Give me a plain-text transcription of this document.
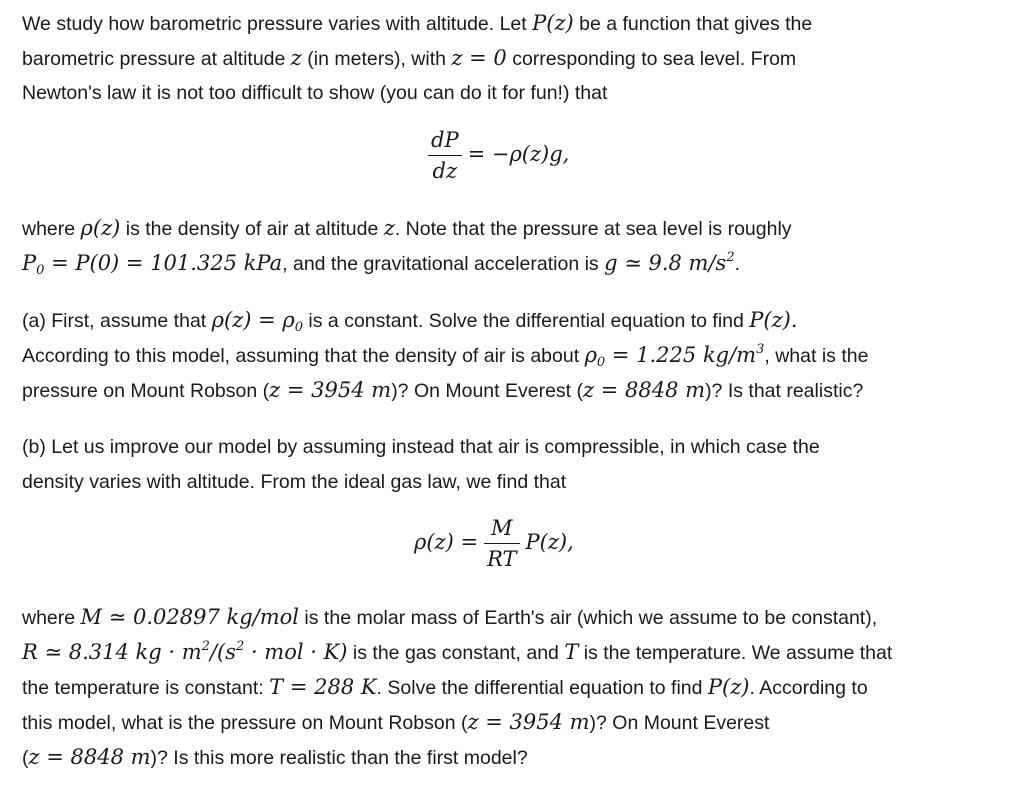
We study how barometric pressure varies with altitude. Let P(z) be a function that gives the
barometric pressure at altitude z (in meters), with z = 0 corresponding to sea level. From
Newton's law it is not too difficult to show (you can do it for fun!) that
$\frac{dP}{dz} = -\rho(z)g$,
where ρ(z) is the density of air at altitude z. Note that the pressure at sea level is roughly
$P_0 = P(0) = 101.325$ kPa, and the gravitational acceleration is g ≃ 9.8 $m/s^2$.
(a) First, assume that $\rho(z) = \rho_0$ is a constant. Solve the differential equation to find P(z).
According to this model, assuming that the density of air is about $\rho_0 = 1.225$ $kg/m^3$, what is the
pressure on Mount Robson (z = 3954 m)? On Mount Everest (z = 8848 m)? Is that realistic?
(b) Let us improve our model by assuming instead that air is compressible, in which case the
density varies with altitude. From the ideal gas law, we find that
$\rho(z) = \frac{M}{RT} P(z)$,
where M ≃ 0.02897 kg/mol is the molar mass of Earth's air (which we assume to be constant),
R ≃ 8.314 kg · $m^2/(s^2$ · mol · K) is the gas constant, and T is the temperature. We assume that
the temperature is constant: T = 288 K. Solve the differential equation to find P(z). According to
this model, what is the pressure on Mount Robson (z = 3954 m)? On Mount Everest
(z = 8848 m)? Is this more realistic than the first model?
